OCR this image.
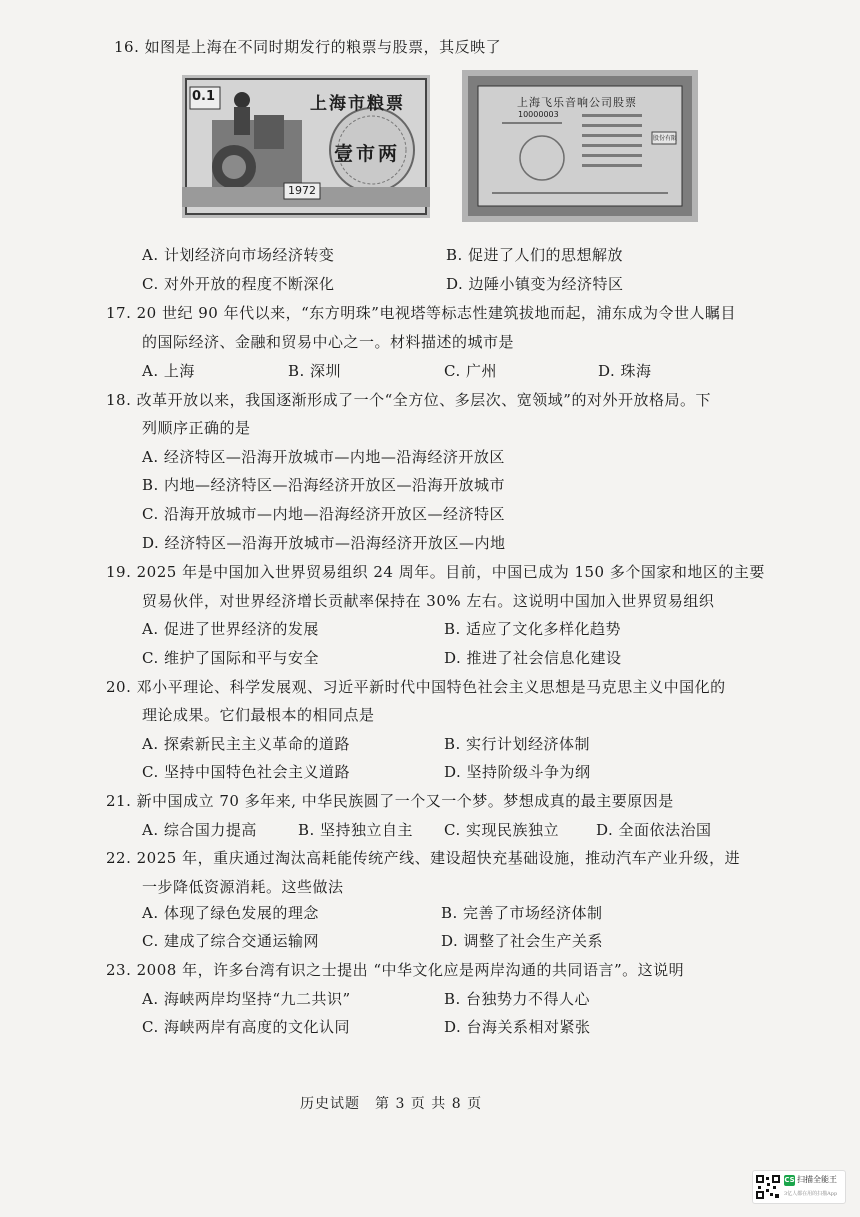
16. 如图是上海在不同时期发行的粮票与股票，其反映了
0.1	上海市粮票
壹市两
1972
上海飞乐音响公司股票
10000003
股份有限
A. 计划经济向市场经济转变	B. 促进了人们的思想解放
C. 对外开放的程度不断深化	D. 边陲小镇变为经济特区
17. 20 世纪 90 年代以来，“东方明珠”电视塔等标志性建筑拔地而起，浦东成为令世人瞩目
的国际经济、金融和贸易中心之一。材料描述的城市是
A. 上海	B. 深圳	C. 广州	D. 珠海
18. 改革开放以来，我国逐渐形成了一个“全方位、多层次、宽领域”的对外开放格局。下
列顺序正确的是
A. 经济特区—沿海开放城市—内地—沿海经济开放区
B. 内地—经济特区—沿海经济开放区—沿海开放城市
C. 沿海开放城市—内地—沿海经济开放区—经济特区
D. 经济特区—沿海开放城市—沿海经济开放区—内地
19. 2025 年是中国加入世界贸易组织 24 周年。目前，中国已成为 150 多个国家和地区的主要
贸易伙伴，对世界经济增长贡献率保持在 30% 左右。这说明中国加入世界贸易组织
A. 促进了世界经济的发展	B. 适应了文化多样化趋势
C. 维护了国际和平与安全	D. 推进了社会信息化建设
20. 邓小平理论、科学发展观、习近平新时代中国特色社会主义思想是马克思主义中国化的
理论成果。它们最根本的相同点是
A. 探索新民主主义革命的道路	B. 实行计划经济体制
C. 坚持中国特色社会主义道路	D. 坚持阶级斗争为纲
21. 新中国成立 70 多年来, 中华民族圆了一个又一个梦。梦想成真的最主要原因是
A. 综合国力提高	B. 坚持独立自主 C. 实现民族独立 D. 全面依法治国
22. 2025 年，重庆通过淘汰高耗能传统产线、建设超快充基础设施，推动汽车产业升级，进
一步降低资源消耗。这些做法
A. 体现了绿色发展的理念	B. 完善了市场经济体制
C. 建成了综合交通运输网	D. 调整了社会生产关系
23. 2008 年，许多台湾有识之士提出 “中华文化应是两岸沟通的共同语言”。这说明
A. 海峡两岸均坚持“九二共识”	B. 台独势力不得人心
C. 海峡两岸有高度的文化认同	D. 台海关系相对紧张
历史试题　第 3 页 共 8 页
CS 扫描全能王
3亿人都在用的扫描App
